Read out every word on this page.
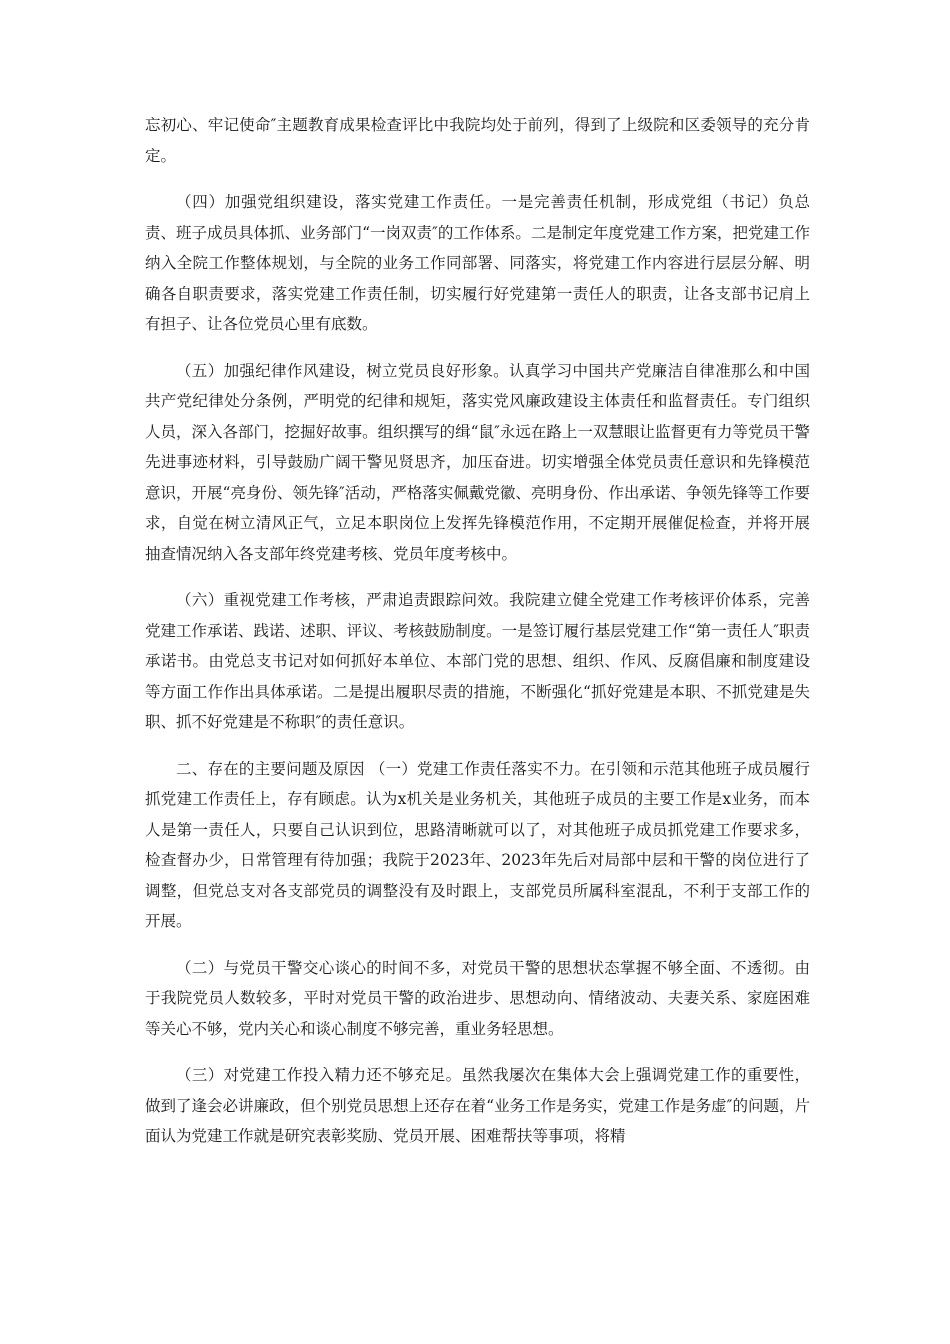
忘初心、牢记使命″主题教育成果检查评比中我院均处于前列，得到了上级院和区委领导的充分肯定。

（四）加强党组织建设，落实党建工作责任。一是完善责任机制，形成党组（书记）负总责、班子成员具体抓、业务部门“一岗双责″的工作体系。二是制定年度党建工作方案，把党建工作纳入全院工作整体规划，与全院的业务工作同部署、同落实，将党建工作内容进行层层分解、明确各自职责要求，落实党建工作责任制，切实履行好党建第一责任人的职责，让各支部书记肩上有担子、让各位党员心里有底数。

（五）加强纪律作风建设，树立党员良好形象。认真学习中国共产党廉洁自律准那么和中国共产党纪律处分条例，严明党的纪律和规矩，落实党风廉政建设主体责任和监督责任。专门组织人员，深入各部门，挖掘好故事。组织撰写的缉“鼠″永远在路上一双慧眼让监督更有力等党员干警先进事迹材料，引导鼓励广阔干警见贤思齐，加压奋进。切实增强全体党员责任意识和先锋模范意识，开展“亮身份、领先锋″活动，严格落实佩戴党徽、亮明身份、作出承诺、争领先锋等工作要求，自觉在树立清风正气，立足本职岗位上发挥先锋模范作用，不定期开展催促检查，并将开展抽查情况纳入各支部年终党建考核、党员年度考核中。

（六）重视党建工作考核，严肃追责跟踪问效。我院建立健全党建工作考核评价体系，完善党建工作承诺、践诺、述职、评议、考核鼓励制度。一是签订履行基层党建工作“第一责任人″职责承诺书。由党总支书记对如何抓好本单位、本部门党的思想、组织、作风、反腐倡廉和制度建设等方面工作作出具体承诺。二是提出履职尽责的措施，不断强化“抓好党建是本职、不抓党建是失职、抓不好党建是不称职″的责任意识。

二、存在的主要问题及原因 （一）党建工作责任落实不力。在引领和示范其他班子成员履行抓党建工作责任上，存有顾虑。认为x机关是业务机关，其他班子成员的主要工作是x业务，而本人是第一责任人，只要自己认识到位，思路清晰就可以了，对其他班子成员抓党建工作要求多，检查督办少，日常管理有待加强；我院于2023年、2023年先后对局部中层和干警的岗位进行了调整，但党总支对各支部党员的调整没有及时跟上，支部党员所属科室混乱，不利于支部工作的开展。

（二）与党员干警交心谈心的时间不多，对党员干警的思想状态掌握不够全面、不透彻。由于我院党员人数较多，平时对党员干警的政治进步、思想动向、情绪波动、夫妻关系、家庭困难等关心不够，党内关心和谈心制度不够完善，重业务轻思想。

（三）对党建工作投入精力还不够充足。虽然我屡次在集体大会上强调党建工作的重要性，做到了逢会必讲廉政，但个别党员思想上还存在着“业务工作是务实，党建工作是务虚″的问题，片面认为党建工作就是研究表彰奖励、党员开展、困难帮扶等事项，将精
